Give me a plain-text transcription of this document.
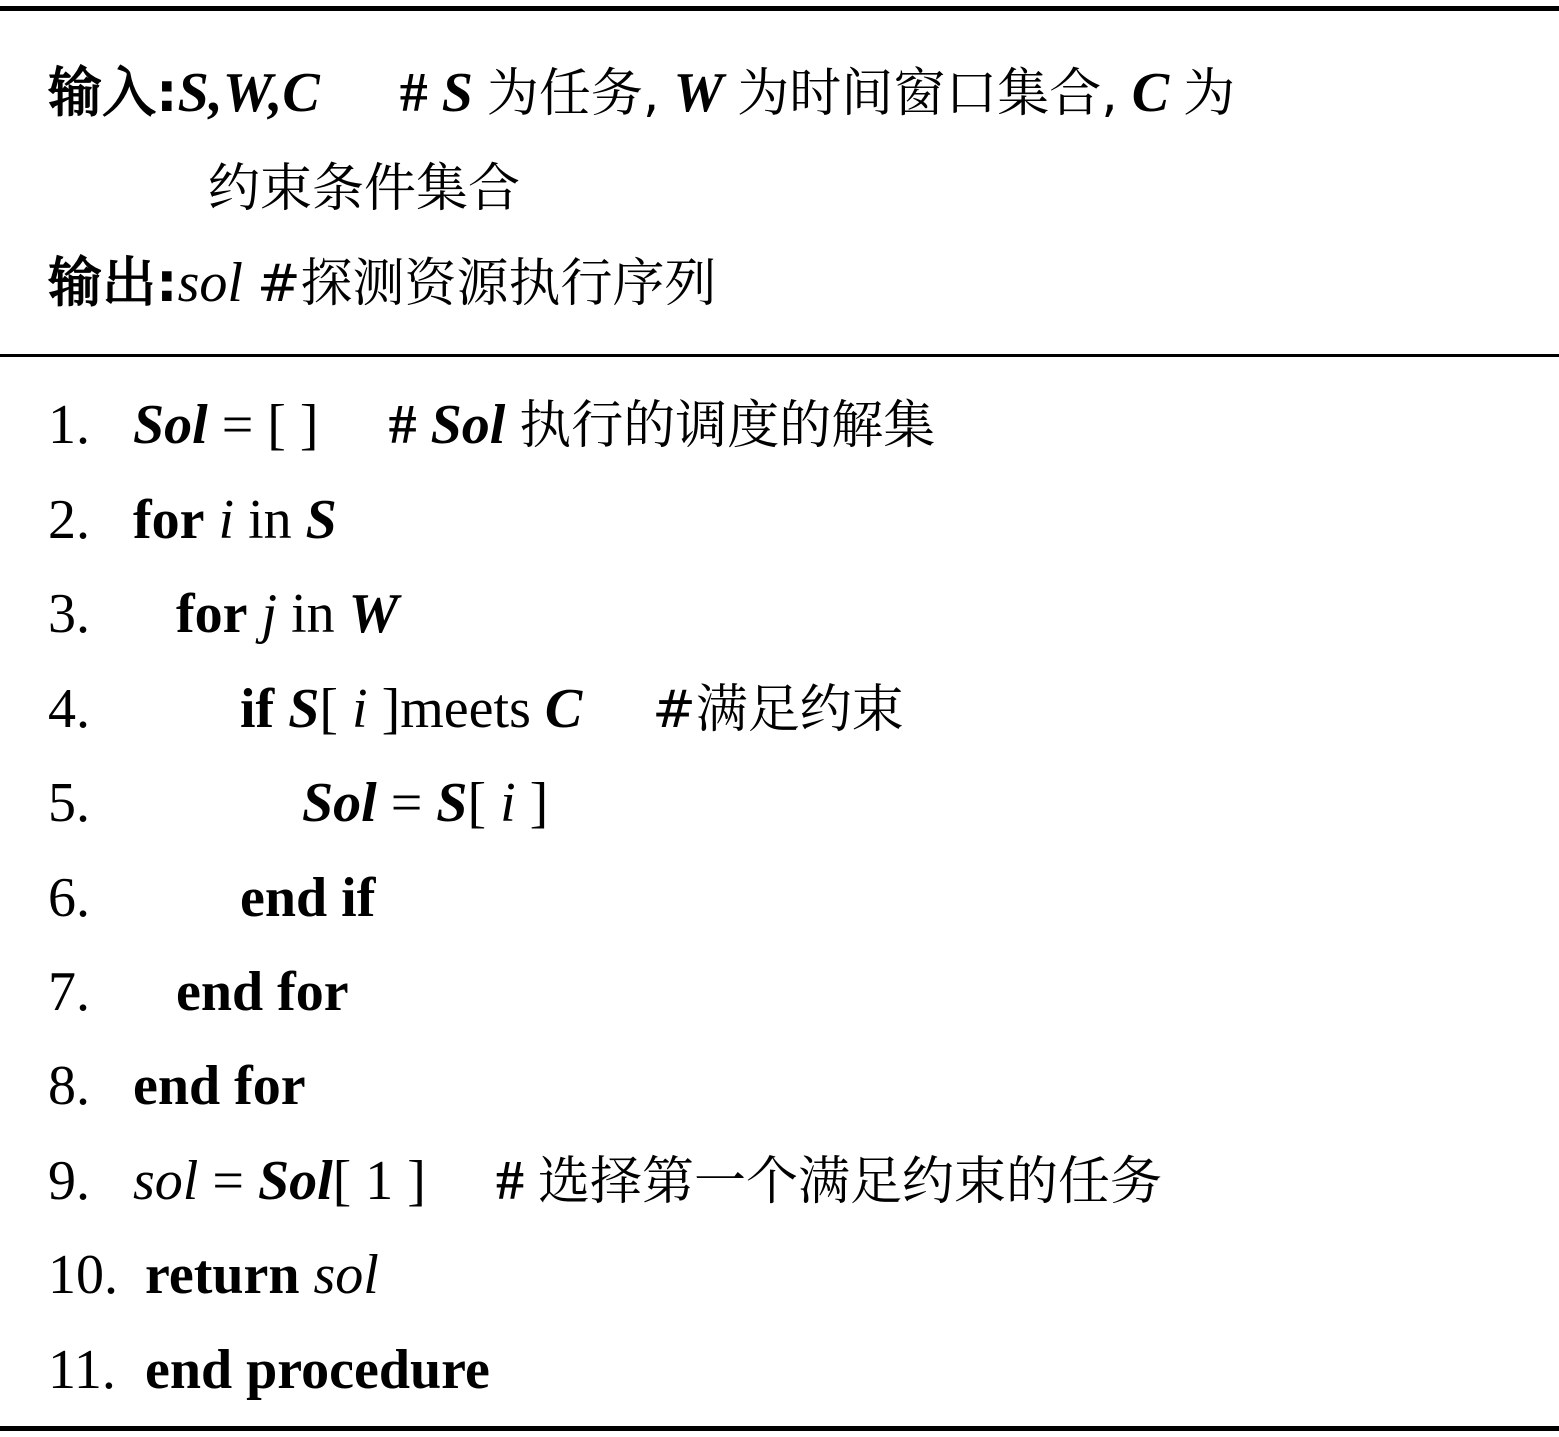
输入:S,W,C # S 为任务, W 为时间窗口集合, C 为
约束条件集合
输出:sol #探测资源执行序列
1. Sol = [ ] # Sol 执行的调度的解集
2. for i in S
3. for j in W
4.	if S[ i ]meets C #满足约束
5.	Sol = S[ i ]
6.	end if
7. end for
8. end for
9. sol = Sol[ 1 ] # 选择第一个满足约束的任务
10. return sol
11. end procedure
